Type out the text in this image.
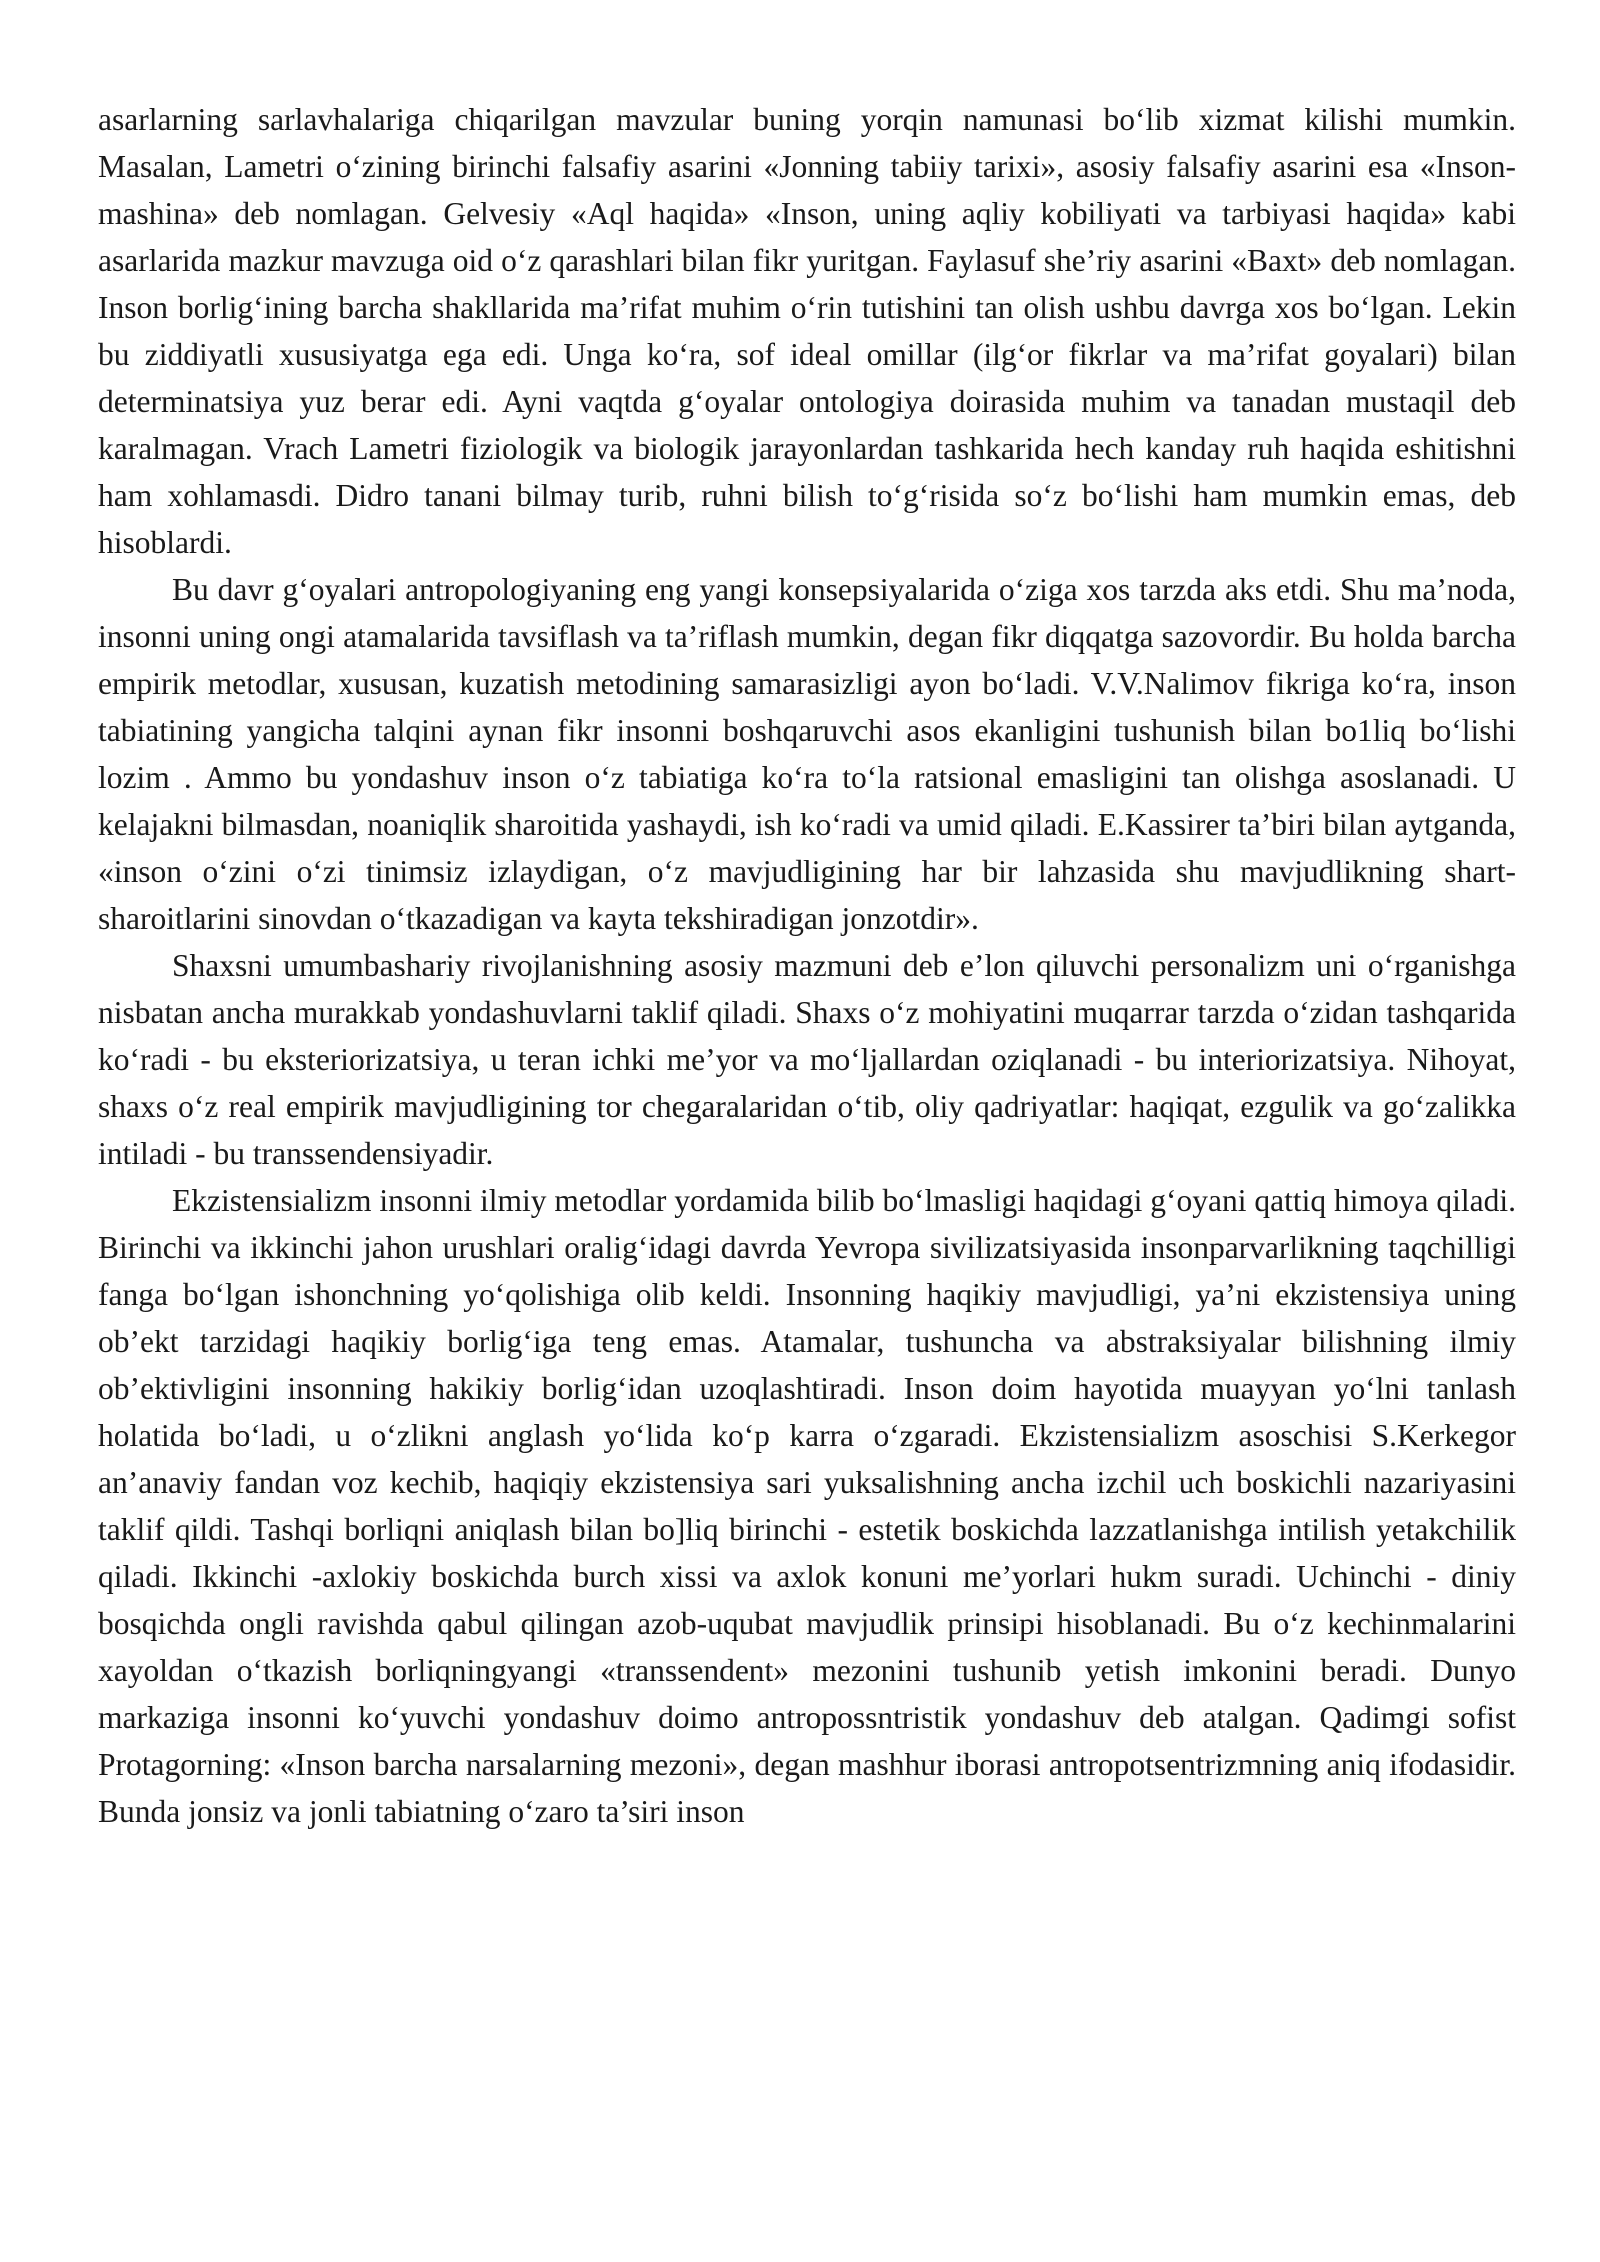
asarlarning sarlavhalariga chiqarilgan mavzular buning yorqin namunasi boʻlib xizmat kilishi mumkin. Masalan, Lametri oʻzining birinchi falsafiy asarini «Jonning tabiiy tarixi», asosiy falsafiy asarini esa «Inson-mashina» deb nomlagan. Gelvesiy «Aql haqida» «Inson, uning aqliy kobiliyati va tarbiyasi haqida» kabi asarlarida mazkur mavzuga oid oʻz qarashlari bilan fikr yuritgan. Faylasuf she’riy asarini «Baxt» deb nomlagan. Inson borligʻining barcha shakllarida ma’rifat muhim oʻrin tutishini tan olish ushbu davrga xos boʻlgan. Lekin bu ziddiyatli xususiyatga ega edi. Unga koʻra, sof ideal omillar (ilgʻor fikrlar va ma’rifat goyalari) bilan determinatsiya yuz berar edi. Ayni vaqtda gʻoyalar ontologiya doirasida muhim va tanadan mustaqil deb karalmagan. Vrach Lametri fiziologik va biologik jarayonlardan tashkarida hech kanday ruh haqida eshitishni ham xohlamasdi. Didro tanani bilmay turib, ruhni bilish toʻgʻrisida soʻz boʻlishi ham mumkin emas, deb hisoblardi.

Bu davr gʻoyalari antropologiyaning eng yangi konsepsiyalarida oʻziga xos tarzda aks etdi. Shu ma’noda, insonni uning ongi atamalarida tavsiflash va ta’riflash mumkin, degan fikr diqqatga sazovordir. Bu holda barcha empirik metodlar, xususan, kuzatish metodining samarasizligi ayon boʻladi. V.V.Nalimov fikriga koʻra, inson tabiatining yangicha talqini aynan fikr insonni boshqaruvchi asos ekanligini tushunish bilan bo1liq boʻlishi lozim . Ammo bu yondashuv inson oʻz tabiatiga koʻra toʻla ratsional emasligini tan olishga asoslanadi. U kelajakni bilmasdan, noaniqlik sharoitida yashaydi, ish koʻradi va umid qiladi. E.Kassirer ta’biri bilan aytganda, «inson oʻzini oʻzi tinimsiz izlaydigan, oʻz mavjudligining har bir lahzasida shu mavjudlikning shart-sharoitlarini sinovdan oʻtkazadigan va kayta tekshiradigan jonzotdir».

Shaxsni umumbashariy rivojlanishning asosiy mazmuni deb e’lon qiluvchi personalizm uni oʻrganishga nisbatan ancha murakkab yondashuvlarni taklif qiladi. Shaxs oʻz mohiyatini muqarrar tarzda oʻzidan tashqarida koʻradi - bu eksteriorizatsiya, u teran ichki me’yor va moʻljallardan oziqlanadi - bu interiorizatsiya. Nihoyat, shaxs oʻz real empirik mavjudligining tor chegaralaridan oʻtib, oliy qadriyatlar: haqiqat, ezgulik va goʻzalikka intiladi - bu transsendensiyadir.

Ekzistensializm insonni ilmiy metodlar yordamida bilib boʻlmasligi haqidagi gʻoyani qattiq himoya qiladi. Birinchi va ikkinchi jahon urushlari oraligʻidagi davrda Yevropa sivilizatsiyasida insonparvarlikning taqchilligi fanga boʻlgan ishonchning yoʻqolishiga olib keldi. Insonning haqikiy mavjudligi, ya’ni ekzistensiya uning ob’ekt tarzidagi haqikiy borligʻiga teng emas. Atamalar, tushuncha va abstraksiyalar bilishning ilmiy ob’ektivligini insonning hakikiy borligʻidan uzoqlashtiradi. Inson doim hayotida muayyan yoʻlni tanlash holatida boʻladi, u oʻzlikni anglash yoʻlida koʻp karra oʻzgaradi. Ekzistensializm asoschisi S.Kerkegor an’anaviy fandan voz kechib, haqiqiy ekzistensiya sari yuksalishning ancha izchil uch boskichli nazariyasini taklif qildi. Tashqi borliqni aniqlash bilan bo]liq birinchi - estetik boskichda lazzatlanishga intilish yetakchilik qiladi. Ikkinchi -axlokiy boskichda burch xissi va axlok konuni me’yorlari hukm suradi. Uchinchi - diniy bosqichda ongli ravishda qabul qilingan azob-uqubat mavjudlik prinsipi hisoblanadi. Bu oʻz kechinmalarini xayoldan oʻtkazish borliqningyangi «transsendent» mezonini tushunib yetish imkonini beradi. Dunyo markaziga insonni koʻyuvchi yondashuv doimo antropossntristik yondashuv deb atalgan. Qadimgi sofist Protagorning: «Inson barcha narsalarning mezoni», degan mashhur iborasi antropotsentrizmning aniq ifodasidir. Bunda jonsiz va jonli tabiatning oʻzaro ta’siri inson
